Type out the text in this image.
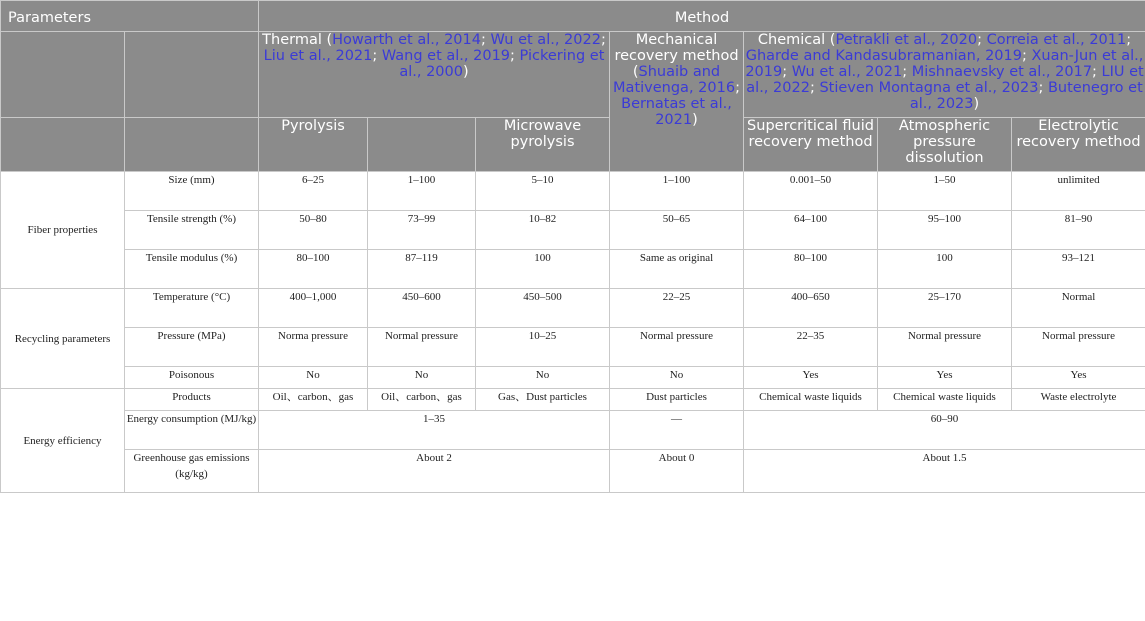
Parameters		Method						
		Thermal (Howarth et al., 2014; Wu et al., 2022; Liu et al., 2021; Wang et al., 2019; Pickering et al., 2000)			Mechanical recovery method (Shuaib and Mativenga, 2016; Bernatas et al., 2021)	Chemical (Petrakli et al., 2020; Correia et al., 2011; Gharde and Kandasubramanian, 2019; Xuan-Jun et al., 2019; Wu et al., 2021; Mishnaevsky et al., 2017; LIU et al., 2022; Stieven Montagna et al., 2023; Butenegro et al., 2023)		
		Pyrolysis		Microwave pyrolysis		Supercritical fluid recovery method	Atmospheric pressure dissolution	Electrolytic recovery method
Fiber properties	Size (mm)	6–25	1–100	5–10	1–100	0.001–50	1–50	unlimited
	Tensile strength (%)	50–80	73–99	10–82	50–65	64–100	95–100	81–90
	Tensile modulus (%)	80–100	87–119	100	Same as original	80–100	100	93–121
Recycling parameters	Temperature (°C)	400–1,000	450–600	450–500	22–25	400–650	25–170	Normal
	Pressure (MPa)	Norma pressure	Normal pressure	10–25	Normal pressure	22–35	Normal pressure	Normal pressure
	Poisonous	No	No	No	No	Yes	Yes	Yes
Energy efficiency	Products	Oil、carbon、gas	Oil、carbon、gas	Gas、Dust particles	Dust particles	Chemical waste liquids	Chemical waste liquids	Waste electrolyte
	Energy consumption (MJ/kg)	1–35			—	60–90		
	Greenhouse gas emissions (kg/kg)	About 2			About 0	About 1.5		
